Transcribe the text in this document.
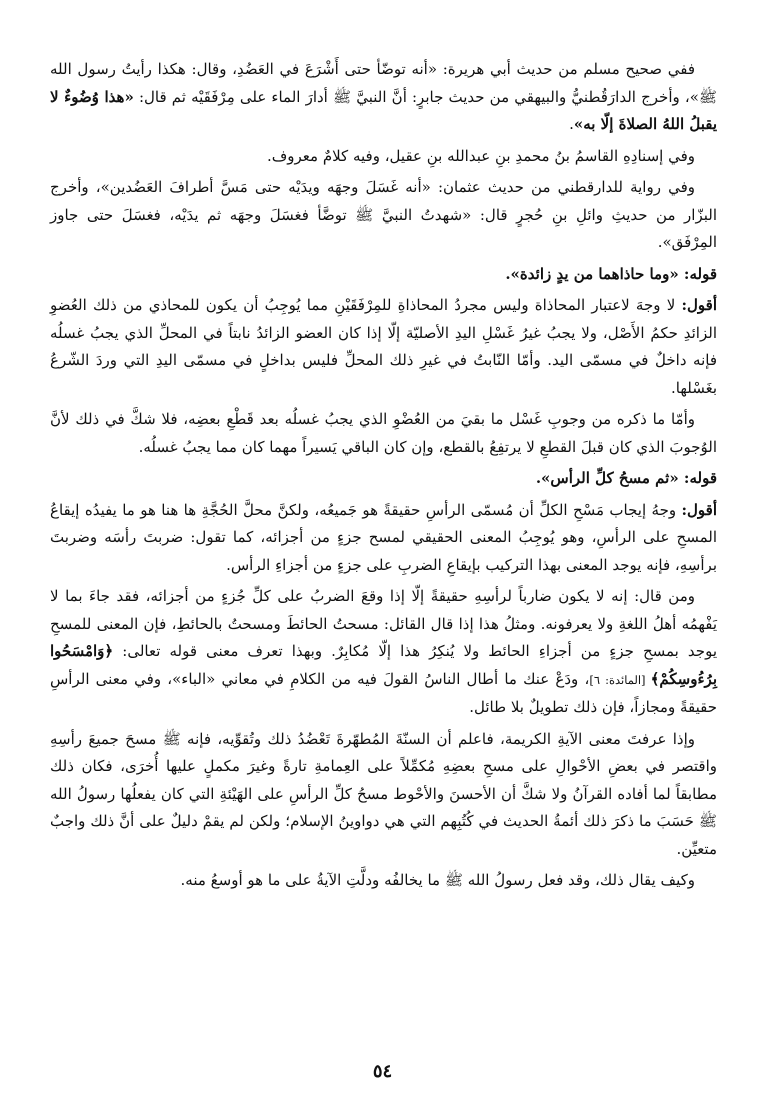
ففي صحيح مسلم من حديث أبي هريرة: «أنه توضّأ حتى أَشْرَعَ في العَضُدِ، وقال: هكذا رأيتُ رسول الله ﷺ»، وأخرج الدارَقُطنيُّ والبيهقي من حديث جابرٍ: أنَّ النبيَّ ﷺ أدارَ الماء على مِرْفَقَيْه ثم قال: «هذا وُضُوءٌ لا يقبلُ اللهُ الصلاةَ إلّا به».

وفي إسنادِهِ القاسمُ بنُ محمدِ بنِ عبدالله بنِ عقيل، وفيه كلامٌ معروف.

وفي رواية للدارقطني من حديث عثمان: «أنه غَسَلَ وجهَه ويدَيْه حتى مَسَّ أطرافَ العَضُدين»، وأخرج البزّار من حديثِ وائلِ بنِ حُجرٍ قال: «شهدتُ النبيَّ ﷺ توضَّأ فغسَلَ وجهَه ثم يدَيْه، فغسَلَ حتى جاوز المِرْفَق».

قوله: «وما حاذاهما من يدٍ زائدة».

أقول: لا وجهَ لاعتبار المحاذاة وليس مجردُ المحاذاةِ للمِرْفَقَيْنِ مما يُوجِبُ أن يكون للمحاذي من ذلك العُضوِ الزائدِ حكمُ الأَصْل، ولا يجبُ غيرُ غَسْلِ اليدِ الأصليّة إلّا إذا كان العضو الزائدُ نابتاً في المحلِّ الذي يجبُ غسلُه فإنه داخلٌ في مسمّى اليد. وأمّا النّابتُ في غيرِ ذلك المحلِّ فليس بداخلٍ في مسمّى اليدِ التي وردَ الشّرعُ بغَسْلها.

وأمّا ما ذكره من وجوبِ غَسْل ما بقيَ من العُضْوِ الذي يجبُ غسلُه بعد قَطْعِ بعضِه، فلا شكَّ في ذلك لأنَّ الوُجوبَ الذي كان قبلَ القطعِ لا يرتفِعُ بالقطع، وإن كان الباقي يَسيراً مهما كان مما يجبُ غسلُه.

قوله: «ثم مسحُ كلِّ الرأس».

أقول: وجهُ إيجاب مَسْحِ الكلِّ أن مُسمّى الرأسِ حقيقةً هو جَميعُه، ولكنَّ محلَّ الحُجَّةِ ها هنا هو ما يفيدُه إيقاعُ المسحِ على الرأسِ، وهو يُوجِبُ المعنى الحقيقي لمسح جزءٍ من أجزائه، كما تقول: ضربتَ رأسَه وضربتَ برأسِهِ، فإنه يوجد المعنى بهذا التركيب بإيقاعِ الضربِ على جزءٍ من أجزاءِ الرأس.

ومن قال: إنه لا يكون ضارباً لرأسِهِ حقيقةً إلّا إذا وقعَ الضربُ على كلِّ جُزءٍ من أجزائه، فقد جاءَ بما لا يَفْهمُه أهلُ اللغةِ ولا يعرفونه. ومثلُ هذا إذا قال القائل: مسحتُ الحائطَ ومسحتُ بالحائطِ، فإن المعنى للمسحِ يوجد بمسحِ جزءٍ من أجزاءِ الحائط ولا يُنكِرُ هذا إلّا مُكابِرٌ. وبهذا تعرف معنى قوله تعالى: ﴿وَامْسَحُوا بِرُءُوسِكُمْ﴾ [المائدة: ٦]، ودَعْ عنك ما أطال الناسُ القولَ فيه من الكلامِ في معاني «الباء»، وفي معنى الرأسِ حقيقةً ومجازاً، فإن ذلك تطويلٌ بلا طائل.

وإذا عرفتَ معنى الآيةِ الكريمة، فاعلم أن السنّةَ المُطهّرةَ تَعْضُدُ ذلك وتُقوِّيه، فإنه ﷺ مسحَ جميعَ رأسِهِ واقتصر في بعضِ الأحْوالِ على مسحِ بعضِهِ مُكمِّلاً على العِمامةِ تارةً وغيرَ مكملٍ عليها أُخرَى، فكان ذلك مطابقاً لما أفاده القرآنُ ولا شكَّ أن الأحسنَ والأحْوط مسحُ كلِّ الرأسِ على الهَيْئةِ التي كان يفعلُها رسولُ الله ﷺ حَسَبَ ما ذكرَ ذلك أئمةُ الحديث في كُتُبِهم التي هي دواوينُ الإسلام؛ ولكن لم يقمْ دليلٌ على أنَّ ذلك واجبٌ متعيِّن.

وكيف يقال ذلك، وقد فعل رسولُ الله ﷺ ما يخالفُه ودلَّتِ الآيةُ على ما هو أوسعُ منه.

٥٤
